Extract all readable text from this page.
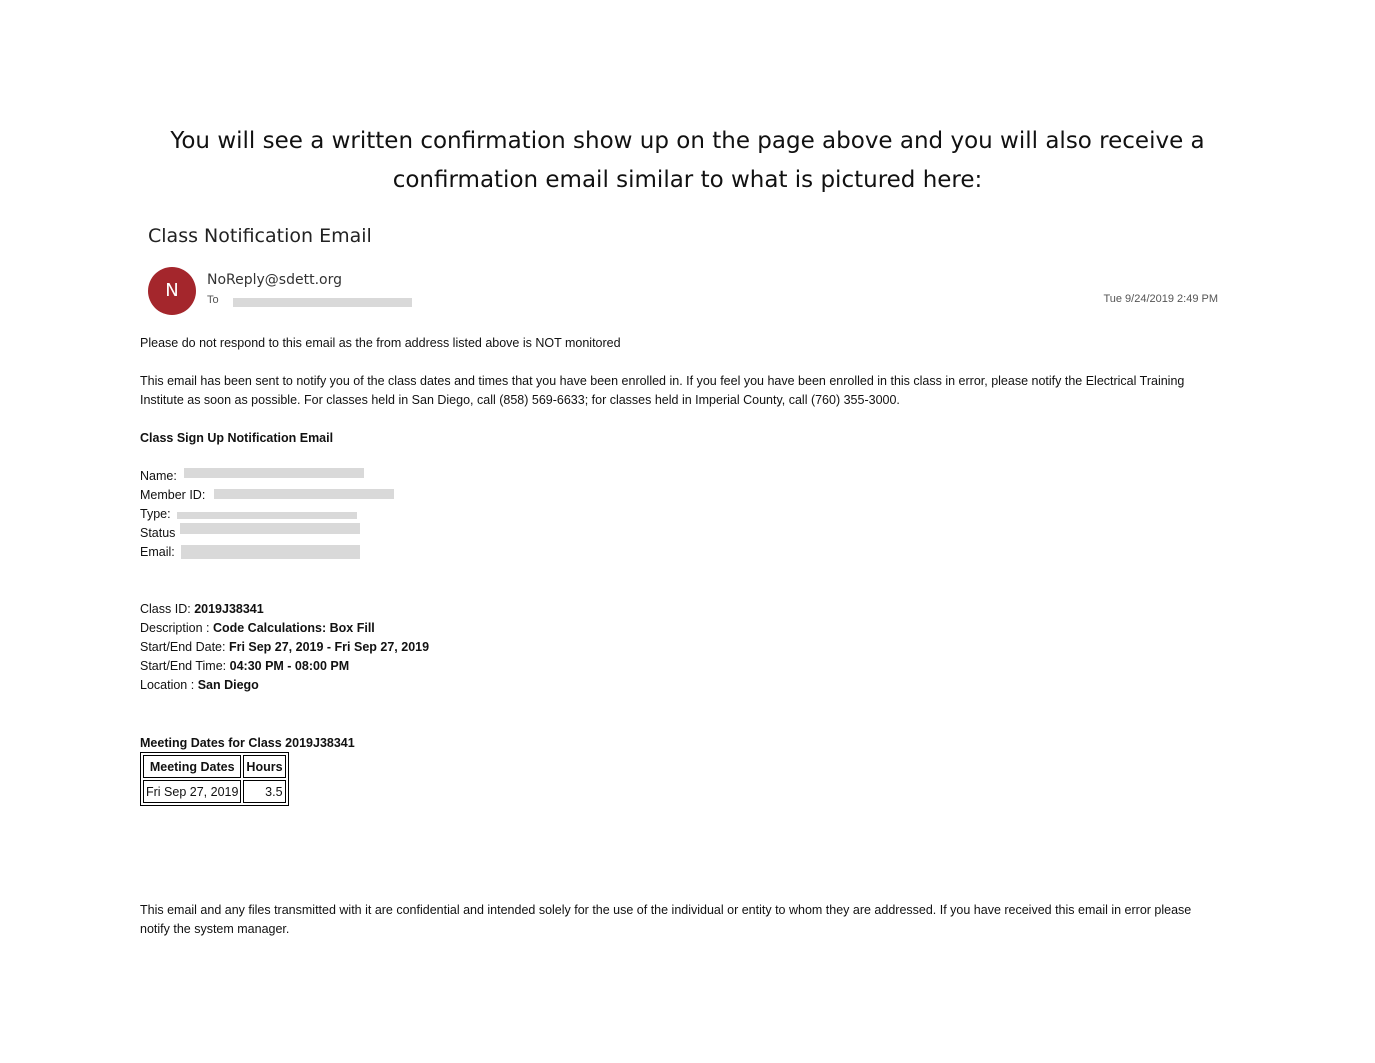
You will see a written confirmation show up on the page above and you will also receive a confirmation email similar to what is pictured here:
Class Notification Email
N	NoReply@sdett.org
To	Tue 9/24/2019 2:49 PM
Please do not respond to this email as the from address listed above is NOT monitored
This email has been sent to notify you of the class dates and times that you have been enrolled in. If you feel you have been enrolled in this class in error, please notify the Electrical Training Institute as soon as possible. For classes held in San Diego, call (858) 569-6633; for classes held in Imperial County, call (760) 355-3000.
Class Sign Up Notification Email
Name:
Member ID:
Type:
Status
Email:
Class ID: 2019J38341
Description : Code Calculations: Box Fill
Start/End Date: Fri Sep 27, 2019 - Fri Sep 27, 2019
Start/End Time: 04:30 PM - 08:00 PM
Location : San Diego
Meeting Dates for Class 2019J38341
Meeting Dates	Hours
Fri Sep 27, 2019	3.5
This email and any files transmitted with it are confidential and intended solely for the use of the individual or entity to whom they are addressed. If you have received this email in error please notify the system manager.
